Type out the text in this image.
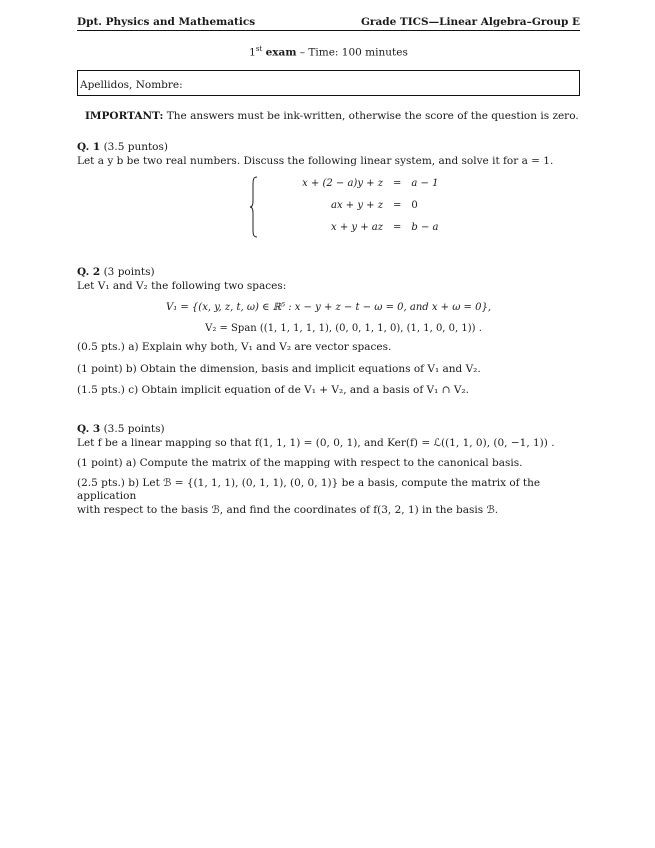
Dpt. Physics and Mathematics	Grade TICS—Linear Algebra–Group E
1st exam – Time: 100 minutes
Apellidos, Nombre:
IMPORTANT: The answers must be ink-written, otherwise the score of the question is zero.
Q. 1 (3.5 puntos)
Let a y b be two real numbers. Discuss the following linear system, and solve it for a = 1.
x + (2 − a)y + z = a − 1
ax + y + z = 0
x + y + az = b − a
Q. 2 (3 points)
Let V₁ and V₂ the following two spaces:
V₁ = {(x, y, z, t, ω) ∈ ℝ⁵ : x − y + z − t − ω = 0, and x + ω = 0},
V₂ = Span ((1, 1, 1, 1, 1), (0, 0, 1, 1, 0), (1, 1, 0, 0, 1)) .
(0.5 pts.) a) Explain why both, V₁ and V₂ are vector spaces.
(1 point) b) Obtain the dimension, basis and implicit equations of V₁ and V₂.
(1.5 pts.) c) Obtain implicit equation of de V₁ + V₂, and a basis of V₁ ∩ V₂.
Q. 3 (3.5 points)
Let f be a linear mapping so that f(1, 1, 1) = (0, 0, 1), and Ker(f) = ℒ((1, 1, 0), (0, −1, 1)) .
(1 point) a) Compute the matrix of the mapping with respect to the canonical basis.
(2.5 pts.) b) Let ℬ = {(1, 1, 1), (0, 1, 1), (0, 0, 1)} be a basis, compute the matrix of the application
with respect to the basis ℬ, and find the coordinates of f(3, 2, 1) in the basis ℬ.
